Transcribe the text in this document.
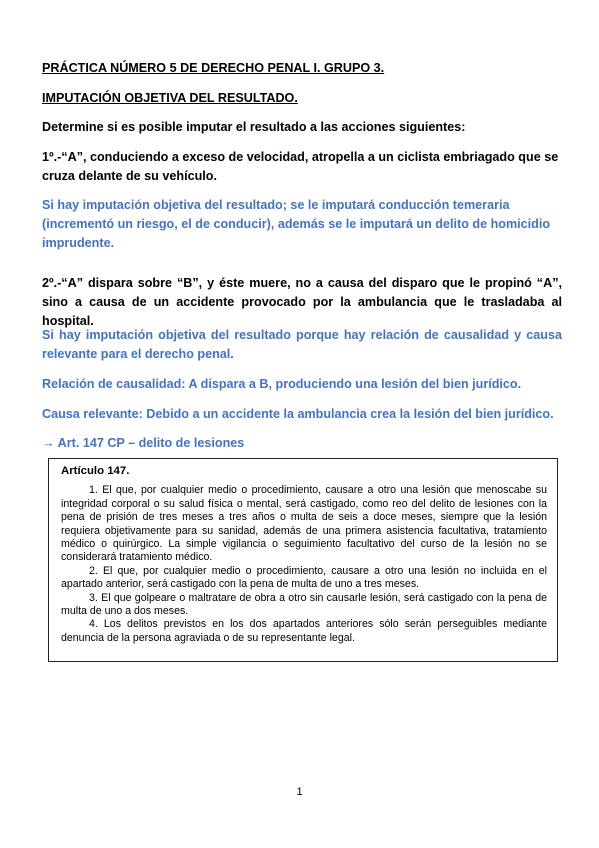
PRÁCTICA NÚMERO 5 DE DERECHO PENAL I. GRUPO 3.

IMPUTACIÓN OBJETIVA DEL RESULTADO.

Determine si es posible imputar el resultado a las acciones siguientes:

1º.-“A”, conduciendo a exceso de velocidad, atropella a un ciclista embriagado que se cruza delante de su vehículo.

Si hay imputación objetiva del resultado; se le imputará conducción temeraria (incrementó un riesgo, el de conducir), además se le imputará un delito de homicidio imprudente.

2º.-“A” dispara sobre “B”, y éste muere, no a causa del disparo que le propinó “A”, sino a causa de un accidente provocado por la ambulancia que le trasladaba al hospital.

Si hay imputación objetiva del resultado porque hay relación de causalidad y causa relevante para el derecho penal.

Relación de causalidad: A dispara a B, produciendo una lesión del bien jurídico.

Causa relevante: Debido a un accidente la ambulancia crea la lesión del bien jurídico.

→ Art. 147 CP – delito de lesiones

Artículo 147.

1. El que, por cualquier medio o procedimiento, causare a otro una lesión que menoscabe su integridad corporal o su salud física o mental, será castigado, como reo del delito de lesiones con la pena de prisión de tres meses a tres años o multa de seis a doce meses, siempre que la lesión requiera objetivamente para su sanidad, además de una primera asistencia facultativa, tratamiento médico o quirúrgico. La simple vigilancia o seguimiento facultativo del curso de la lesión no se considerará tratamiento médico.

2. El que, por cualquier medio o procedimiento, causare a otro una lesión no incluida en el apartado anterior, será castigado con la pena de multa de uno a tres meses.

3. El que golpeare o maltratare de obra a otro sin causarle lesión, será castigado con la pena de multa de uno a dos meses.

4. Los delitos previstos en los dos apartados anteriores sólo serán perseguibles mediante denuncia de la persona agraviada o de su representante legal.

1
